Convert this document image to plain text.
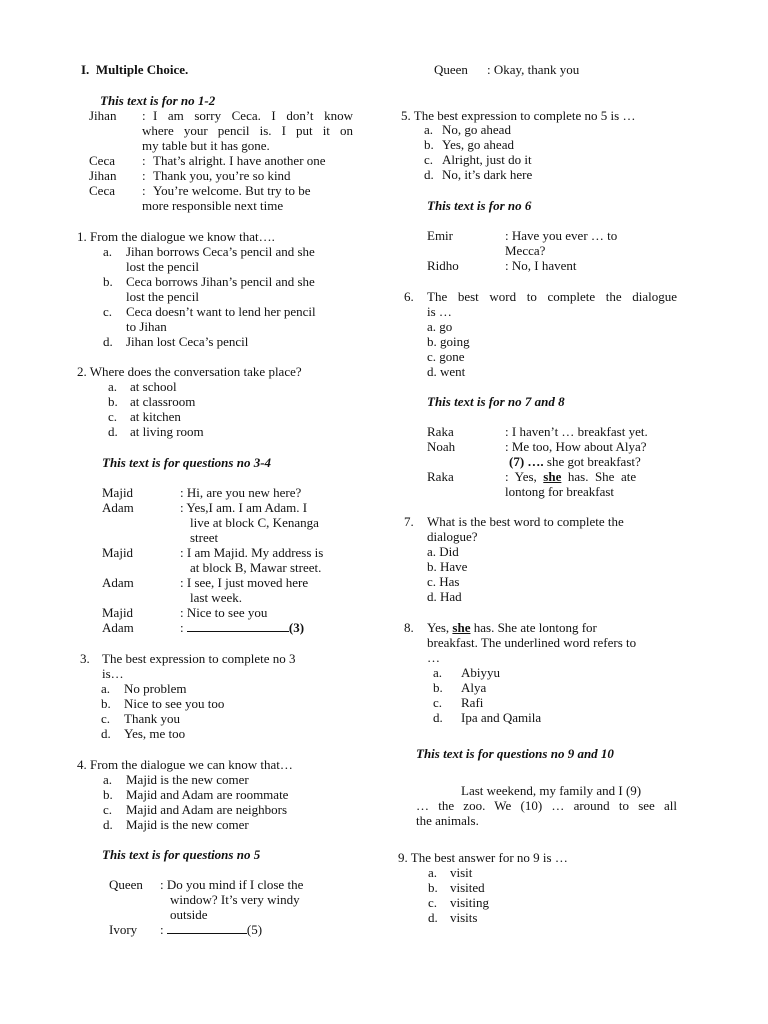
I. Multiple Choice.
This text is for no 1-2
Jihan : I am sorry Ceca. I don’t know
where your pencil is. I put it on
my table but it has gone.
Ceca : That’s alright. I have another one
Jihan : Thank you, you’re so kind
Ceca : You’re welcome. But try to be
more responsible next time
1. From the dialogue we know that….
a. Jihan borrows Ceca’s pencil and she
lost the pencil
b. Ceca borrows Jihan’s pencil and she
lost the pencil
c. Ceca doesn’t want to lend her pencil
to Jihan
d. Jihan lost Ceca’s pencil
2. Where does the conversation take place?
a. at school
b. at classroom
c. at kitchen
d. at living room
This text is for questions no 3-4
Majid	: Hi, are you new here?
Adam	: Yes,I am. I am Adam. I
live at block C, Kenanga
street
Majid	: I am Majid. My address is
at block B, Mawar street.
Adam	: I see, I just moved here
last week.
Majid	: Nice to see you
Adam	:	(3)
3. The best expression to complete no 3
is…
a. No problem
b. Nice to see you too
c. Thank you
d. Yes, me too
4. From the dialogue we can know that…
a. Majid is the new comer
b. Majid and Adam are roommate
c. Majid and Adam are neighbors
d. Majid is the new comer
This text is for questions no 5
Queen : Do you mind if I close the
window? It’s very windy
outside
Ivory :	(5)
Queen : Okay, thank you
5. The best expression to complete no 5 is …
a. No, go ahead
b. Yes, go ahead
c. Alright, just do it
d. No, it’s dark here
This text is for no 6
Emir	: Have you ever … to
Mecca?
Ridho	: No, I havent
6. The best word to complete the dialogue
is …
a. go
b. going
c. gone
d. went
This text is for no 7 and 8
Raka	: I haven’t … breakfast yet.
Noah	: Me too, How about Alya?
(7) …. she got breakfast?
Raka	:  Yes,  she  has.  She  ate
lontong for breakfast
7. What is the best word to complete the
dialogue?
a. Did
b. Have
c. Has
d. Had
8. Yes, she has. She ate lontong for
breakfast. The underlined word refers to
…
a. Abiyyu
b. Alya
c. Rafi
d. Ipa and Qamila
This text is for questions no 9 and 10
Last weekend, my family and I (9)
… the zoo. We (10) … around to see all
the animals.
9. The best answer for no 9 is …
a. visit
b. visited
c. visiting
d. visits
